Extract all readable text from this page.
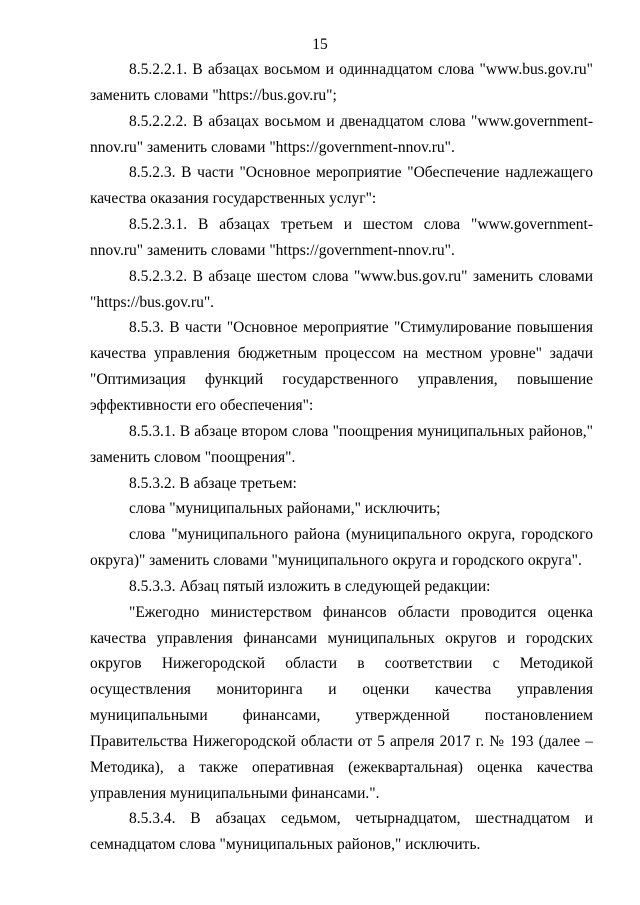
15

8.5.2.2.1. В абзацах восьмом и одиннадцатом слова "www.bus.gov.ru" заменить словами "https://bus.gov.ru";

8.5.2.2.2. В абзацах восьмом и двенадцатом слова "www.government-nnov.ru" заменить словами "https://government-nnov.ru".

8.5.2.3. В части "Основное мероприятие "Обеспечение надлежащего качества оказания государственных услуг":

8.5.2.3.1. В абзацах третьем и шестом слова "www.government-nnov.ru" заменить словами "https://government-nnov.ru".

8.5.2.3.2. В абзаце шестом слова "www.bus.gov.ru" заменить словами "https://bus.gov.ru".

8.5.3. В части "Основное мероприятие "Стимулирование повышения качества управления бюджетным процессом на местном уровне" задачи "Оптимизация функций государственного управления, повышение эффективности его обеспечения":

8.5.3.1. В абзаце втором слова "поощрения муниципальных районов," заменить словом "поощрения".

8.5.3.2. В абзаце третьем:

слова "муниципальных районами," исключить;

слова "муниципального района (муниципального округа, городского округа)" заменить словами "муниципального округа и городского округа".

8.5.3.3. Абзац пятый изложить в следующей редакции:

"Ежегодно министерством финансов области проводится оценка качества управления финансами муниципальных округов и городских округов Нижегородской области в соответствии с Методикой осуществления мониторинга и оценки качества управления муниципальными финансами, утвержденной постановлением Правительства Нижегородской области от 5 апреля 2017 г. № 193 (далее – Методика), а также оперативная (ежеквартальная) оценка качества управления муниципальными финансами.".

8.5.3.4. В абзацах седьмом, четырнадцатом, шестнадцатом и семнадцатом слова "муниципальных районов," исключить.
